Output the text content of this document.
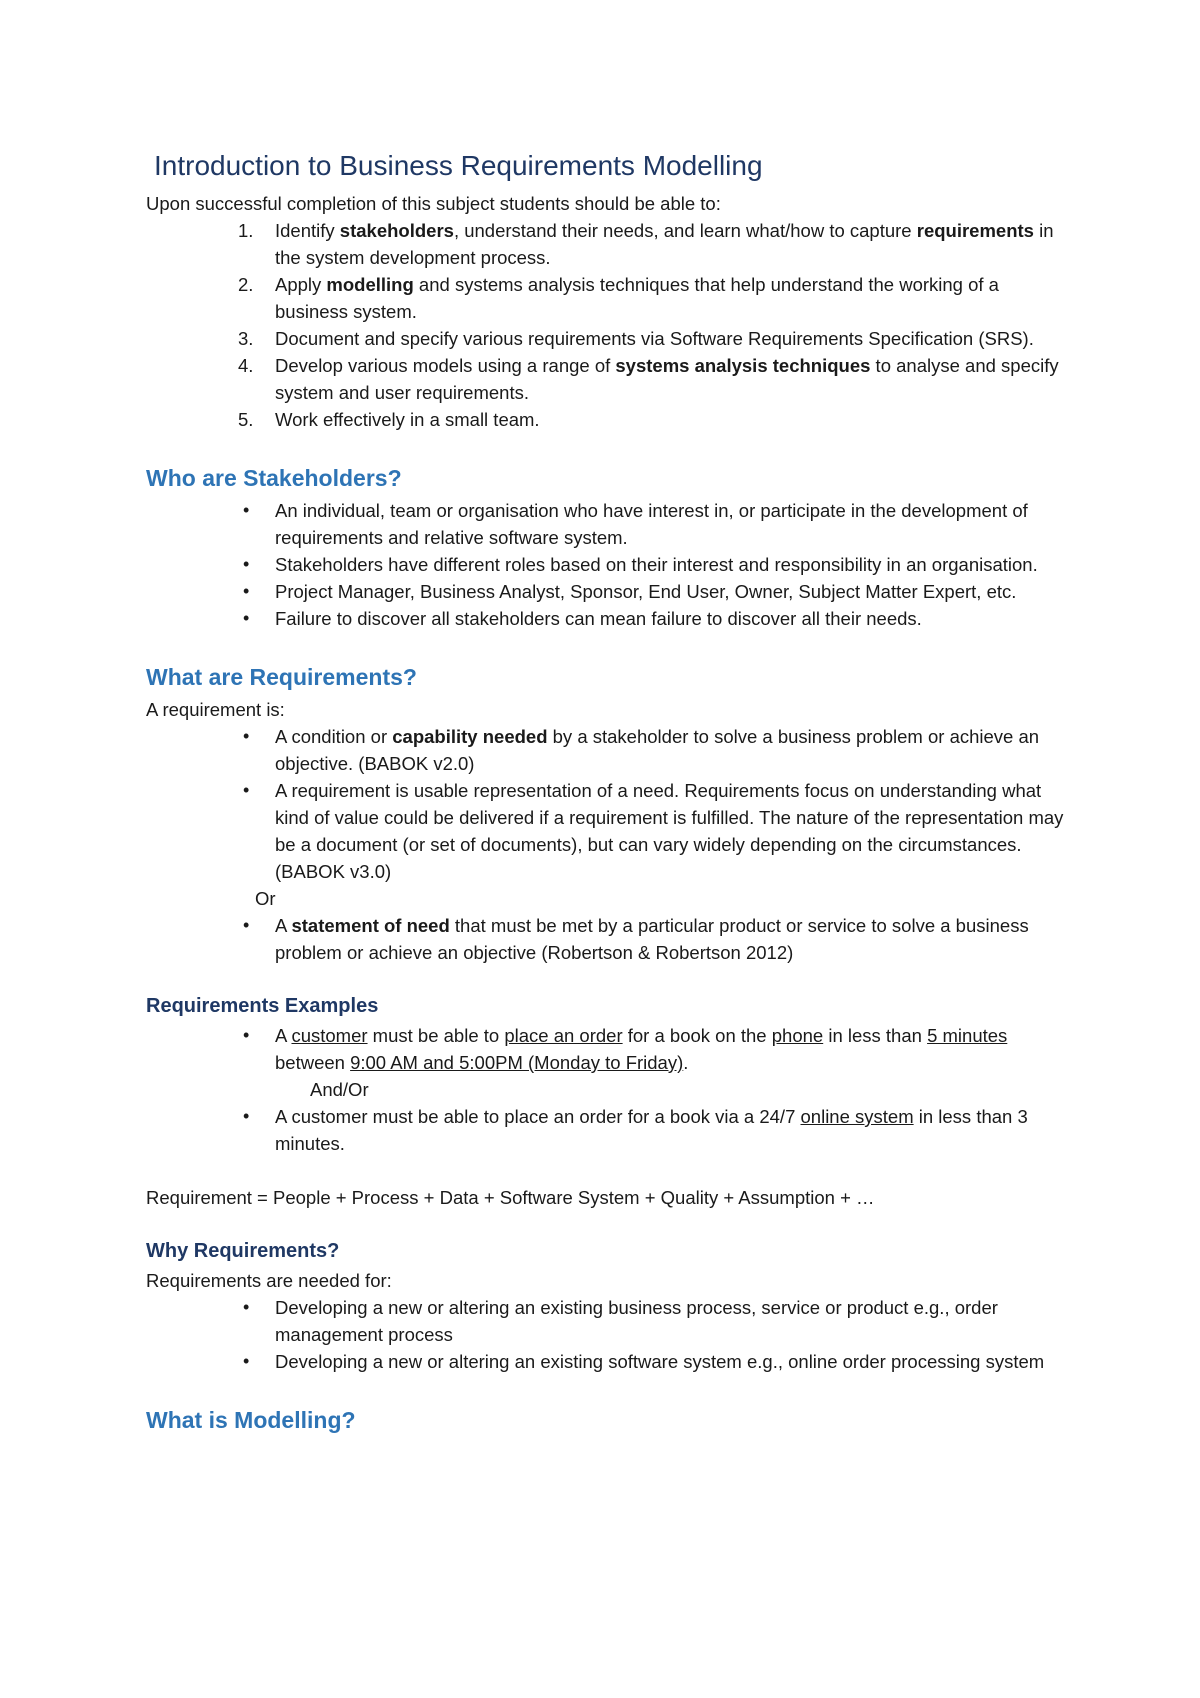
Introduction to Business Requirements Modelling

Upon successful completion of this subject students should be able to:

1. Identify stakeholders, understand their needs, and learn what/how to capture requirements in the system development process.
2. Apply modelling and systems analysis techniques that help understand the working of a business system.
3. Document and specify various requirements via Software Requirements Specification (SRS).
4. Develop various models using a range of systems analysis techniques to analyse and specify system and user requirements.
5. Work effectively in a small team.
Who are Stakeholders?
• An individual, team or organisation who have interest in, or participate in the development of requirements and relative software system.
• Stakeholders have different roles based on their interest and responsibility in an organisation.
• Project Manager, Business Analyst, Sponsor, End User, Owner, Subject Matter Expert, etc.
• Failure to discover all stakeholders can mean failure to discover all their needs.
What are Requirements?

A requirement is:

• A condition or capability needed by a stakeholder to solve a business problem or achieve an objective. (BABOK v2.0)
• A requirement is usable representation of a need. Requirements focus on understanding what kind of value could be delivered if a requirement is fulfilled. The nature of the representation may be a document (or set of documents), but can vary widely depending on the circumstances. (BABOK v3.0)
Or
• A statement of need that must be met by a particular product or service to solve a business problem or achieve an objective (Robertson & Robertson 2012)
Requirements Examples
• A customer must be able to place an order for a book on the phone in less than 5 minutes between 9:00 AM and 5:00PM (Monday to Friday).
And/Or
• A customer must be able to place an order for a book via a 24/7 online system in less than 3 minutes.

Requirement = People + Process + Data + Software System + Quality + Assumption + …

Why Requirements?

Requirements are needed for:

• Developing a new or altering an existing business process, service or product e.g., order management process
• Developing a new or altering an existing software system e.g., online order processing system
What is Modelling?
